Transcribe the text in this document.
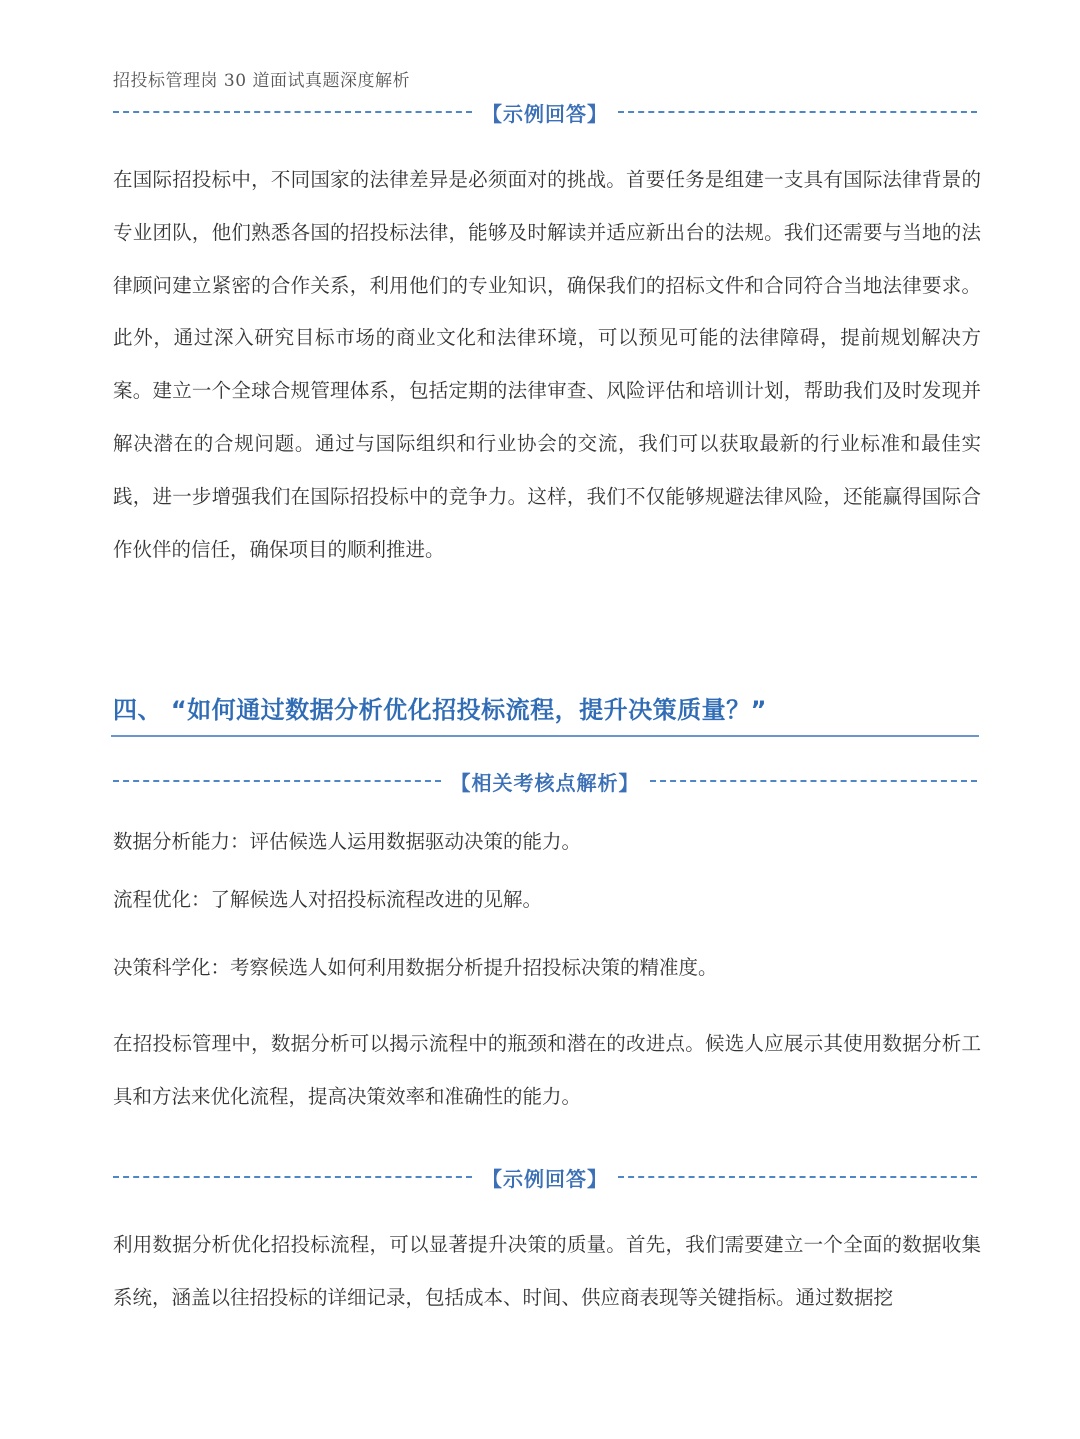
招投标管理岗 30 道面试真题深度解析
【示例回答】

在国际招投标中，不同国家的法律差异是必须面对的挑战。首要任务是组建一支具有国际法律背景的专业团队，他们熟悉各国的招投标法律，能够及时解读并适应新出台的法规。我们还需要与当地的法律顾问建立紧密的合作关系，利用他们的专业知识，确保我们的招标文件和合同符合当地法律要求。此外，通过深入研究目标市场的商业文化和法律环境，可以预见可能的法律障碍，提前规划解决方案。建立一个全球合规管理体系，包括定期的法律审查、风险评估和培训计划，帮助我们及时发现并解决潜在的合规问题。通过与国际组织和行业协会的交流，我们可以获取最新的行业标准和最佳实践，进一步增强我们在国际招投标中的竞争力。这样，我们不仅能够规避法律风险，还能赢得国际合作伙伴的信任，确保项目的顺利推进。

四、 “如何通过数据分析优化招投标流程，提升决策质量？”
【相关考核点解析】
数据分析能力：评估候选人运用数据驱动决策的能力。
流程优化：了解候选人对招投标流程改进的见解。
决策科学化：考察候选人如何利用数据分析提升招投标决策的精准度。

在招投标管理中，数据分析可以揭示流程中的瓶颈和潜在的改进点。候选人应展示其使用数据分析工具和方法来优化流程，提高决策效率和准确性的能力。

【示例回答】

利用数据分析优化招投标流程，可以显著提升决策的质量。首先，我们需要建立一个全面的数据收集系统，涵盖以往招投标的详细记录，包括成本、时间、供应商表现等关键指标。通过数据挖
